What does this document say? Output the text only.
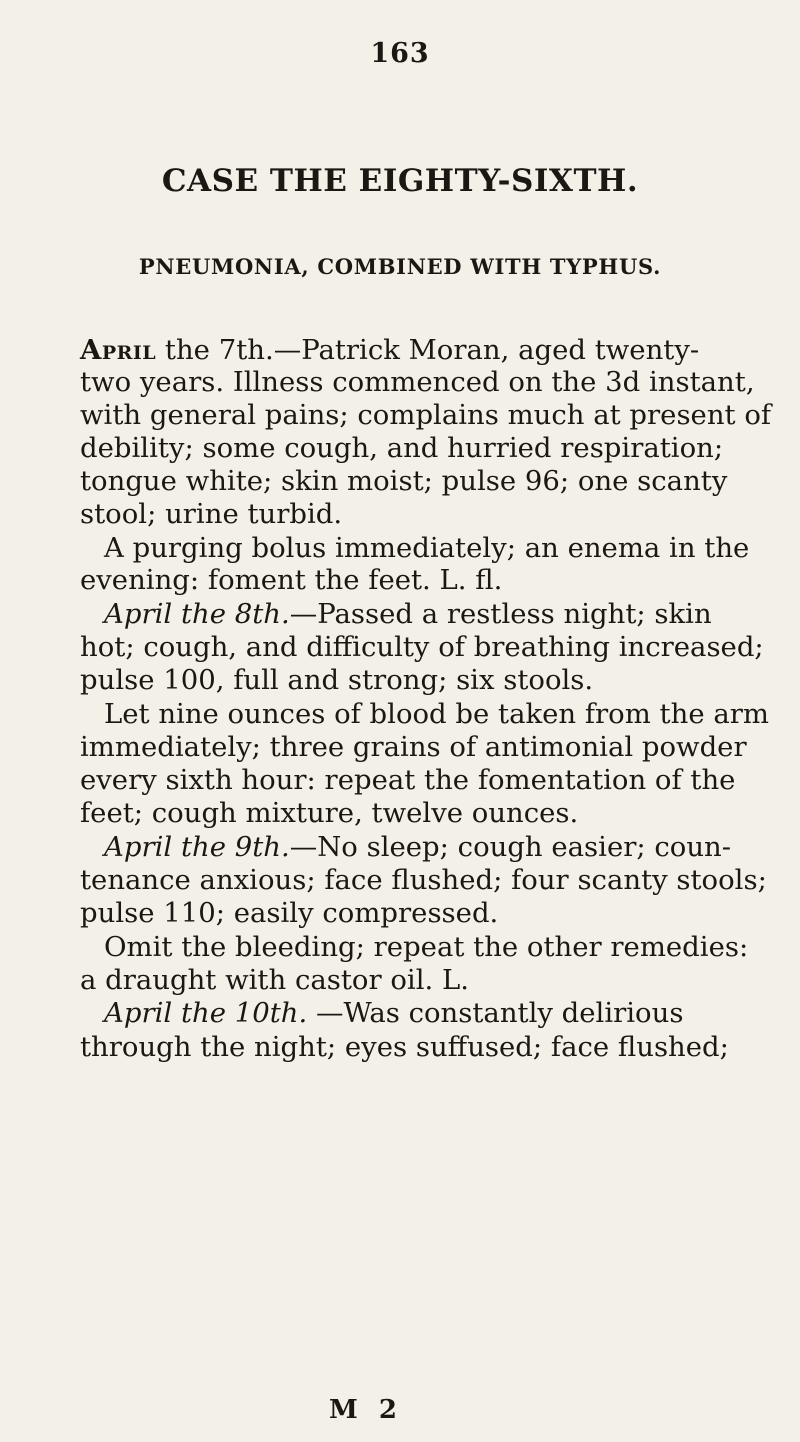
163
CASE THE EIGHTY-SIXTH.
PNEUMONIA, COMBINED WITH TYPHUS.
April the 7th.—Patrick Moran, aged twenty-
two years. Illness commenced on the 3d instant,
with general pains; complains much at present of
debility; some cough, and hurried respiration;
tongue white; skin moist; pulse 96; one scanty
stool; urine turbid.
A purging bolus immediately; an enema in the
evening: foment the feet. L. fl.
April the 8th.—Passed a restless night; skin
hot; cough, and difficulty of breathing increased;
pulse 100, full and strong; six stools.
Let nine ounces of blood be taken from the arm
immediately; three grains of antimonial powder
every sixth hour: repeat the fomentation of the
feet; cough mixture, twelve ounces.
April the 9th.—No sleep; cough easier; coun-
tenance anxious; face flushed; four scanty stools;
pulse 110; easily compressed.
Omit the bleeding; repeat the other remedies:
a draught with castor oil. L.
April the 10th. —Was constantly delirious
through the night; eyes suffused; face flushed;
M 2
